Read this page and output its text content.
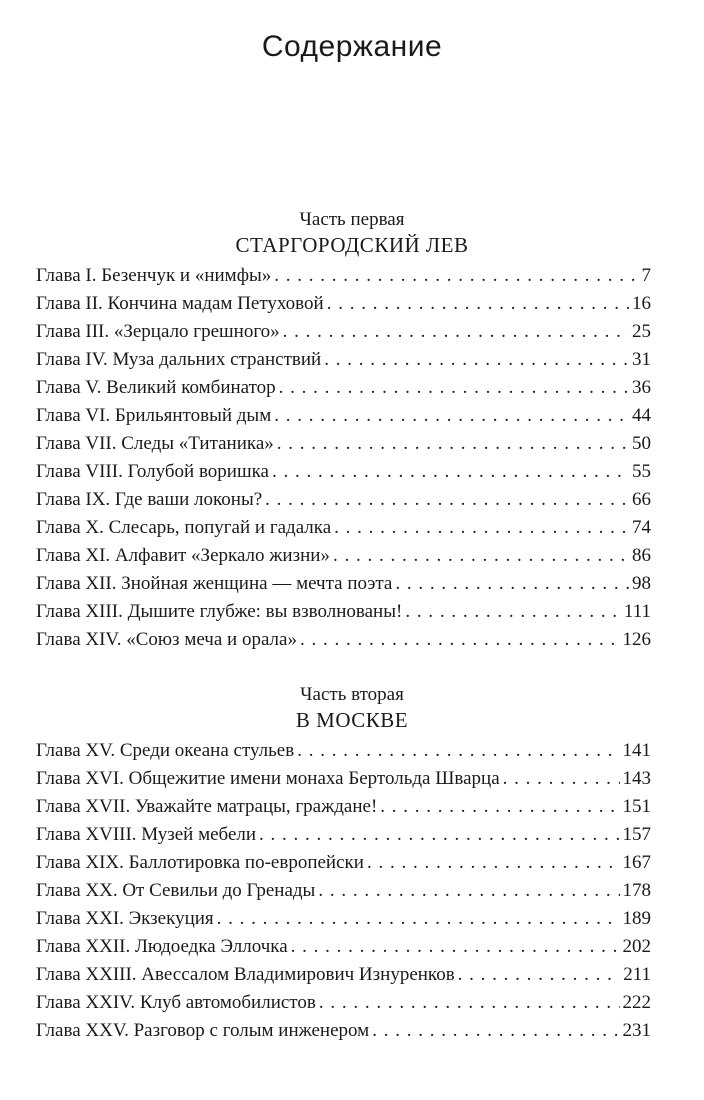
Содержание
Часть первая
СТАРГОРОДСКИЙ ЛЕВ
Глава I. Безенчук и «нимфы» . . .	7
Глава II. Кончина мадам Петуховой . . .	16
Глава III. «Зерцало грешного» . . .	25
Глава IV. Муза дальних странствий . . .	31
Глава V. Великий комбинатор . . .	36
Глава VI. Брильянтовый дым . . .	44
Глава VII. Следы «Титаника» . . .	50
Глава VIII. Голубой воришка . . .	55
Глава IX. Где ваши локоны? . . .	66
Глава X. Слесарь, попугай и гадалка . . .	74
Глава XI. Алфавит «Зеркало жизни» . . .	86
Глава XII. Знойная женщина — мечта поэта . . .	98
Глава XIII. Дышите глубже: вы взволнованы! . . .	111
Глава XIV. «Союз меча и орала» . . .	126
Часть вторая
В МОСКВЕ
Глава XV. Среди океана стульев . . .	141
Глава XVI. Общежитие имени монаха Бертольда Шварца . . .	143
Глава XVII. Уважайте матрацы, граждане! . . .	151
Глава XVIII. Музей мебели . . .	157
Глава XIX. Баллотировка по-европейски . . .	167
Глава XX. От Севильи до Гренады . . .	178
Глава XXI. Экзекуция . . .	189
Глава XXII. Людоедка Эллочка . . .	202
Глава XXIII. Авессалом Владимирович Изнуренков . . .	211
Глава XXIV. Клуб автомобилистов . . .	222
Глава XXV. Разговор с голым инженером . . .	231
